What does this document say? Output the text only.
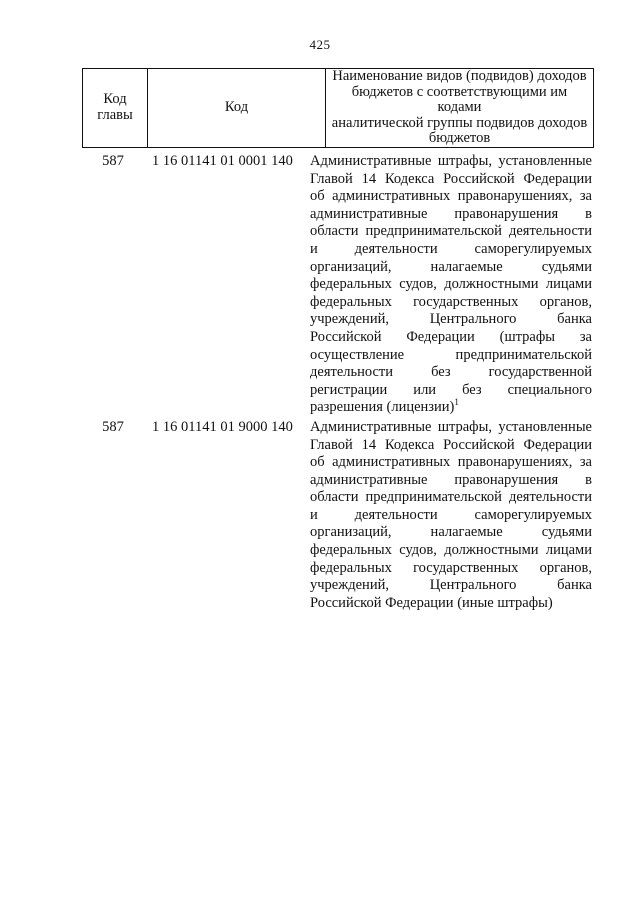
425
Код главы	Код	Наименование видов (подвидов) доходов
бюджетов с соответствующими им кодами
аналитической группы подвидов доходов
бюджетов
587	1 16 01141 01 0001 140	Административные штрафы, установленные
Главой 14 Кодекса Российской Федерации
об административных правонарушениях, за
административные правонарушения в
области предпринимательской деятельности
и деятельности саморегулируемых
организаций, налагаемые судьями
федеральных судов, должностными лицами
федеральных государственных органов,
учреждений, Центрального банка
Российской Федерации (штрафы за
осуществление предпринимательской
деятельности без государственной
регистрации или без специального
разрешения (лицензии)$^1$
587	1 16 01141 01 9000 140	Административные штрафы, установленные
Главой 14 Кодекса Российской Федерации
об административных правонарушениях, за
административные правонарушения в
области предпринимательской деятельности
и деятельности саморегулируемых
организаций, налагаемые судьями
федеральных судов, должностными лицами
федеральных государственных органов,
учреждений, Центрального банка
Российской Федерации (иные штрафы)
